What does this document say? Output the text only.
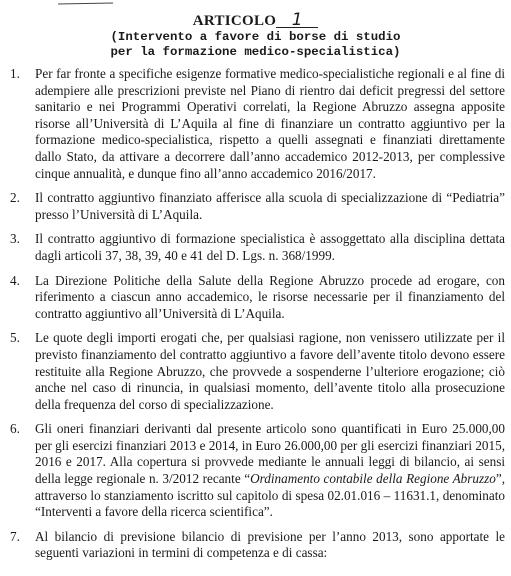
ARTICOLO 1
(Intervento a favore di borse di studio
per la formazione medico-specialistica)
1. Per far fronte a specifiche esigenze formative medico-specialistiche regionali e al fine di adempiere alle prescrizioni previste nel Piano di rientro dai deficit pregressi del settore sanitario e nei Programmi Operativi correlati, la Regione Abruzzo assegna apposite risorse all’Università di L’Aquila al fine di finanziare un contratto aggiuntivo per la formazione medico-specialistica, rispetto a quelli assegnati e finanziati direttamente dallo Stato, da attivare a decorrere dall’anno accademico 2012-2013, per complessive cinque annualità, e dunque fino all’anno accademico 2016/2017.
2. Il contratto aggiuntivo finanziato afferisce alla scuola di specializzazione di “Pediatria” presso l’Università di L’Aquila.
3. Il contratto aggiuntivo di formazione specialistica è assoggettato alla disciplina dettata dagli articoli 37, 38, 39, 40 e 41 del D. Lgs. n. 368/1999.
4. La Direzione Politiche della Salute della Regione Abruzzo procede ad erogare, con riferimento a ciascun anno accademico, le risorse necessarie per il finanziamento del contratto aggiuntivo all’Università di L’Aquila.
5. Le quote degli importi erogati che, per qualsiasi ragione, non venissero utilizzate per il previsto finanziamento del contratto aggiuntivo a favore dell’avente titolo devono essere restituite alla Regione Abruzzo, che provvede a sospenderne l’ulteriore erogazione; ciò anche nel caso di rinuncia, in qualsiasi momento, dell’avente titolo alla prosecuzione della frequenza del corso di specializzazione.
6. Gli oneri finanziari derivanti dal presente articolo sono quantificati in Euro 25.000,00 per gli esercizi finanziari 2013 e 2014, in Euro 26.000,00 per gli esercizi finanziari 2015, 2016 e 2017. Alla copertura si provvede mediante le annuali leggi di bilancio, ai sensi della legge regionale n. 3/2012 recante “Ordinamento contabile della Regione Abruzzo”, attraverso lo stanziamento iscritto sul capitolo di spesa 02.01.016 – 11631.1, denominato “Interventi a favore della ricerca scientifica”.
7. Al bilancio di previsione bilancio di previsione per l’anno 2013, sono apportate le seguenti variazioni in termini di competenza e di cassa:
